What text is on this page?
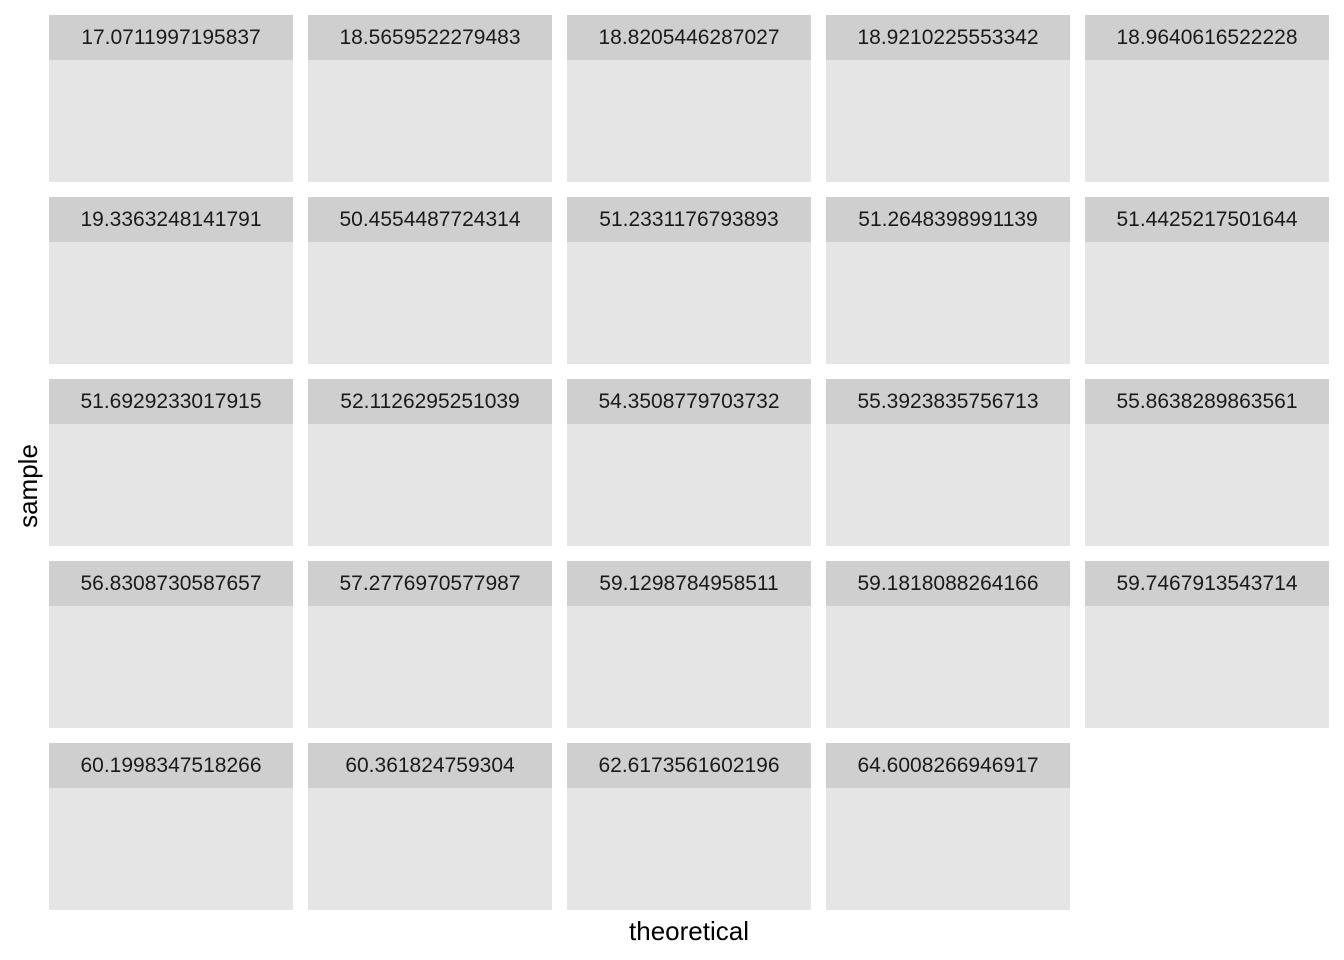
17.0711997195837	18.5659522279483	18.8205446287027	18.9210225553342	18.9640616522228
19.3363248141791	50.4554487724314	51.2331176793893	51.2648398991139	51.4425217501644
51.6929233017915	52.1126295251039	54.3508779703732	55.3923835756713	55.8638289863561
56.8308730587657	57.2776970577987	59.1298784958511	59.1818088264166	59.7467913543714
60.1998347518266	60.361824759304	62.6173561602196	64.6008266946917
sample
theoretical
